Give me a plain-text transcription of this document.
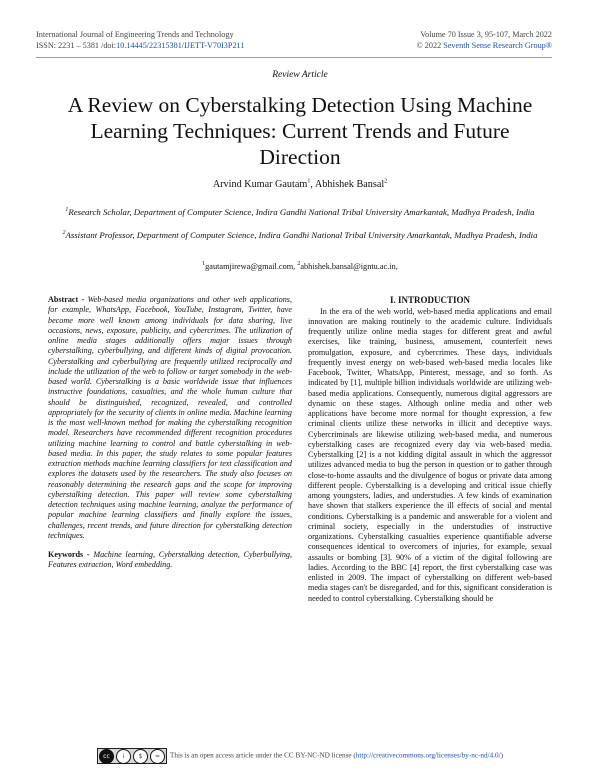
International Journal of Engineering Trends and Technology
ISSN: 2231 – 5381 /doi:10.14445/22315381/IJETT-V70I3P211
Volume 70 Issue 3, 95-107, March 2022
© 2022 Seventh Sense Research Group®
Review Article
A Review on Cyberstalking Detection Using Machine Learning Techniques: Current Trends and Future Direction
Arvind Kumar Gautam$^1$, Abhishek Bansal$^2$
$^1$Research Scholar, Department of Computer Science, Indira Gandhi National Tribal University Amarkantak, Madhya Pradesh, India
$^2$Assistant Professor, Department of Computer Science, Indira Gandhi National Tribal University Amarkantak, Madhya Pradesh, India
$^1$gautamjirewa@gmail.com, $^2$abhishek.bansal@igntu.ac.in,
Abstract - Web-based media organizations and other web applications, for example, WhatsApp, Facebook, YouTube, Instagram, Twitter, have become more well known among individuals for data sharing, live occasions, news, exposure, publicity, and cybercrimes. The utilization of online media stages additionally offers major issues through cyberstalking, cyberbullying, and different kinds of digital provocation. Cyberstalking and cyberbullying are frequently utilized reciprocally and include the utilization of the web to follow or target somebody in the web-based world. Cyberstalking is a basic worldwide issue that influences instructive foundations, casualties, and the whole human culture that should be distinguished, recognized, revealed, and controlled appropriately for the security of clients in online media. Machine learning is the most well-known method for making the cyberstalking recognition model. Researchers have recommended different recognition procedures utilizing machine learning to control and battle cyberstalking in web-based media. In this paper, the study relates to some popular features extraction methods machine learning classifiers for text classification and explores the datasets used by the researchers. The study also focuses on reasonably determining the research gaps and the scope for improving cyberstalking detection. This paper will review some cyberstalking detection techniques using machine learning, analyze the performance of popular machine learning classifiers and finally explore the issues, challenges, recent trends, and future direction for cyberstalking detection techniques.
Keywords - Machine learning, Cyberstalking detection, Cyberbullying, Features extraction, Word embedding.
I. INTRODUCTION

In the era of the web world, web-based media applications and email innovation are making routinely to the academic culture. Individuals frequently utilize online media stages for different great and awful exercises, like training, business, amusement, counterfeit news promulgation, exposure, and cybercrimes. These days, individuals frequently invest energy on web-based web-based media locales like Facebook, Twitter, WhatsApp, Pinterest, message, and so forth. As indicated by [1], multiple billion individuals worldwide are utilizing web-based media applications. Consequently, numerous digital aggressors are dynamic on these stages. Although online media and other web applications have become more normal for thought expression, a few criminal clients utilize these networks in illicit and deceptive ways. Cybercriminals are likewise utilizing web-based media, and numerous cyberstalking cases are recognized every day via web-based media. Cyberstalking [2] is a not kidding digital assault in which the aggressor utilizes advanced media to bug the person in question or to gather through close-to-home assaults and the divulgence of bogus or private data among different people. Cyberstalking is a developing and critical issue chiefly among youngsters, ladies, and understudies. A few kinds of examination have shown that stalkers experience the ill effects of social and mental conditions. Cyberstalking is a pandemic and answerable for a violent and criminal society, especially in the understudies of instructive organizations. Cyberstalking casualties experience quantifiable adverse consequences identical to overcomers of injuries, for example, sexual assaults or bombing [3]. 90% of a victim of the digital following are ladies. According to the BBC [4] report, the first cyberstalking case was enlisted in 2009. The impact of cyberstalking on different web-based media stages can't be disregarded, and for this, significant consideration is needed to control cyberstalking. Cyberstalking should be

cc	i	$	=	This is an open access article under the CC BY-NC-ND license (http://creativecommons.org/licenses/by-nc-nd/4.0/)
